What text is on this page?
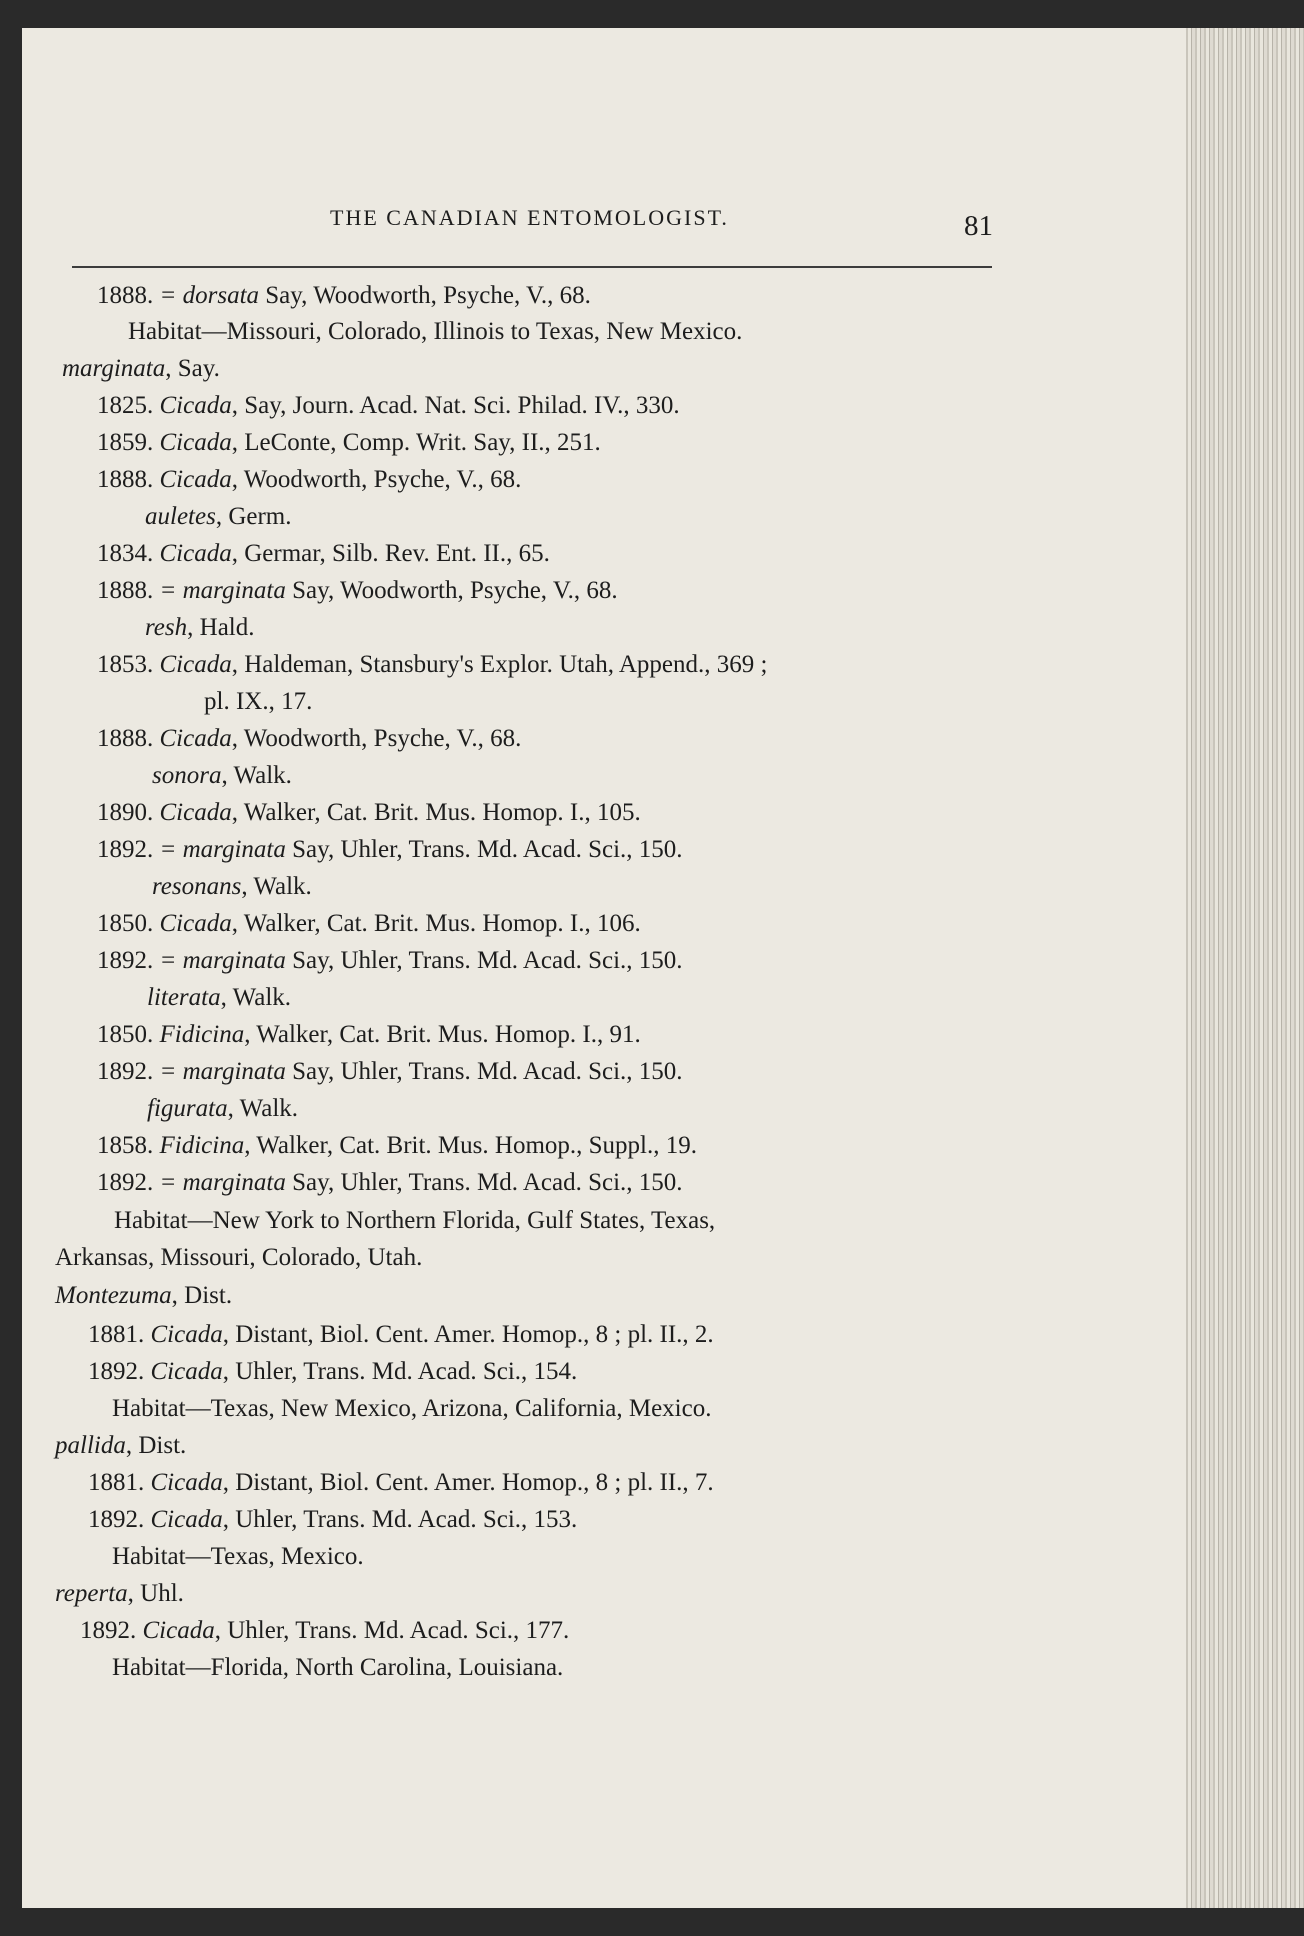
THE CANADIAN ENTOMOLOGIST.	81
1888. = dorsata Say, Woodworth, Psyche, V., 68.
Habitat—Missouri, Colorado, Illinois to Texas, New Mexico.
marginata, Say.
1825. Cicada, Say, Journ. Acad. Nat. Sci. Philad. IV., 330.
1859. Cicada, LeConte, Comp. Writ. Say, II., 251.
1888. Cicada, Woodworth, Psyche, V., 68.
auletes, Germ.
1834. Cicada, Germar, Silb. Rev. Ent. II., 65.
1888. = marginata Say, Woodworth, Psyche, V., 68.
resh, Hald.
1853. Cicada, Haldeman, Stansbury's Explor. Utah, Append., 369 ;
pl. IX., 17.
1888. Cicada, Woodworth, Psyche, V., 68.
sonora, Walk.
1890. Cicada, Walker, Cat. Brit. Mus. Homop. I., 105.
1892. = marginata Say, Uhler, Trans. Md. Acad. Sci., 150.
resonans, Walk.
1850. Cicada, Walker, Cat. Brit. Mus. Homop. I., 106.
1892. = marginata Say, Uhler, Trans. Md. Acad. Sci., 150.
literata, Walk.
1850. Fidicina, Walker, Cat. Brit. Mus. Homop. I., 91.
1892. = marginata Say, Uhler, Trans. Md. Acad. Sci., 150.
figurata, Walk.
1858. Fidicina, Walker, Cat. Brit. Mus. Homop., Suppl., 19.
1892. = marginata Say, Uhler, Trans. Md. Acad. Sci., 150.
Habitat—New York to Northern Florida, Gulf States, Texas,
Arkansas, Missouri, Colorado, Utah.
Montezuma, Dist.
1881. Cicada, Distant, Biol. Cent. Amer. Homop., 8 ; pl. II., 2.
1892. Cicada, Uhler, Trans. Md. Acad. Sci., 154.
Habitat—Texas, New Mexico, Arizona, California, Mexico.
pallida, Dist.
1881. Cicada, Distant, Biol. Cent. Amer. Homop., 8 ; pl. II., 7.
1892. Cicada, Uhler, Trans. Md. Acad. Sci., 153.
Habitat—Texas, Mexico.
reperta, Uhl.
1892. Cicada, Uhler, Trans. Md. Acad. Sci., 177.
Habitat—Florida, North Carolina, Louisiana.
